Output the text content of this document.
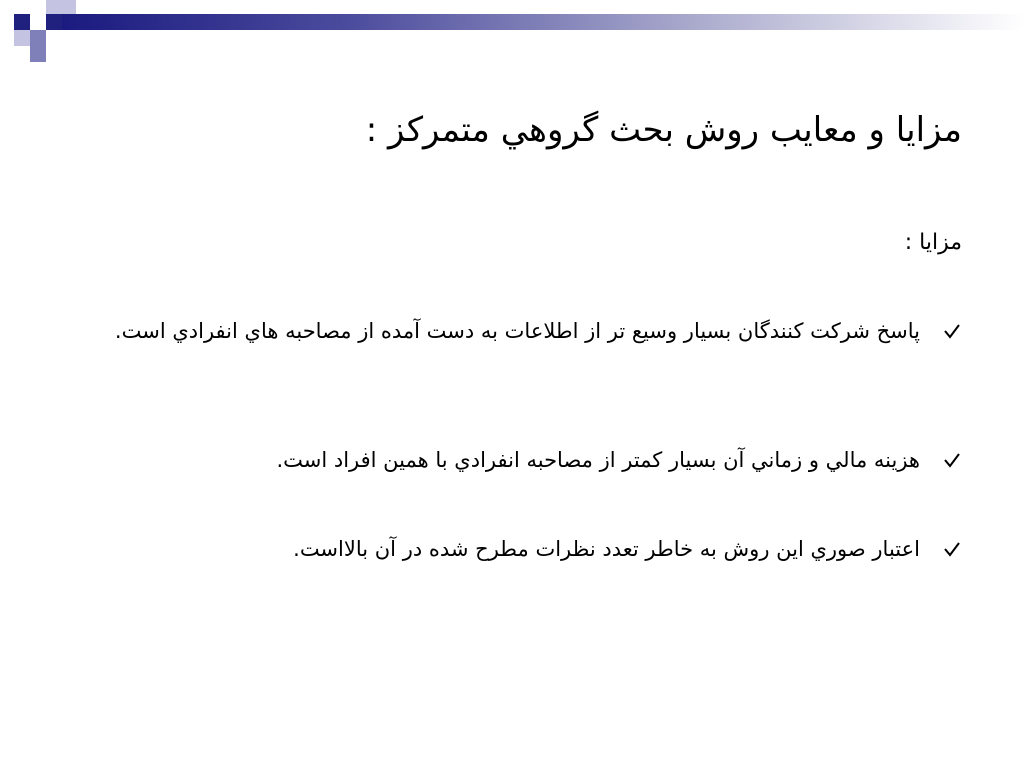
مزايا و معايب روش بحث گروهي متمركز :

مزايا :

پاسخ شركت كنندگان بسيار وسيع تر از اطلاعات به دست آمده از مصاحبه هاي انفرادي است.
هزينه مالي و زماني آن بسيار كمتر از مصاحبه انفرادي با همين افراد است.
اعتبار صوري اين روش به خاطر تعدد نظرات مطرح شده در آن بالااست.
